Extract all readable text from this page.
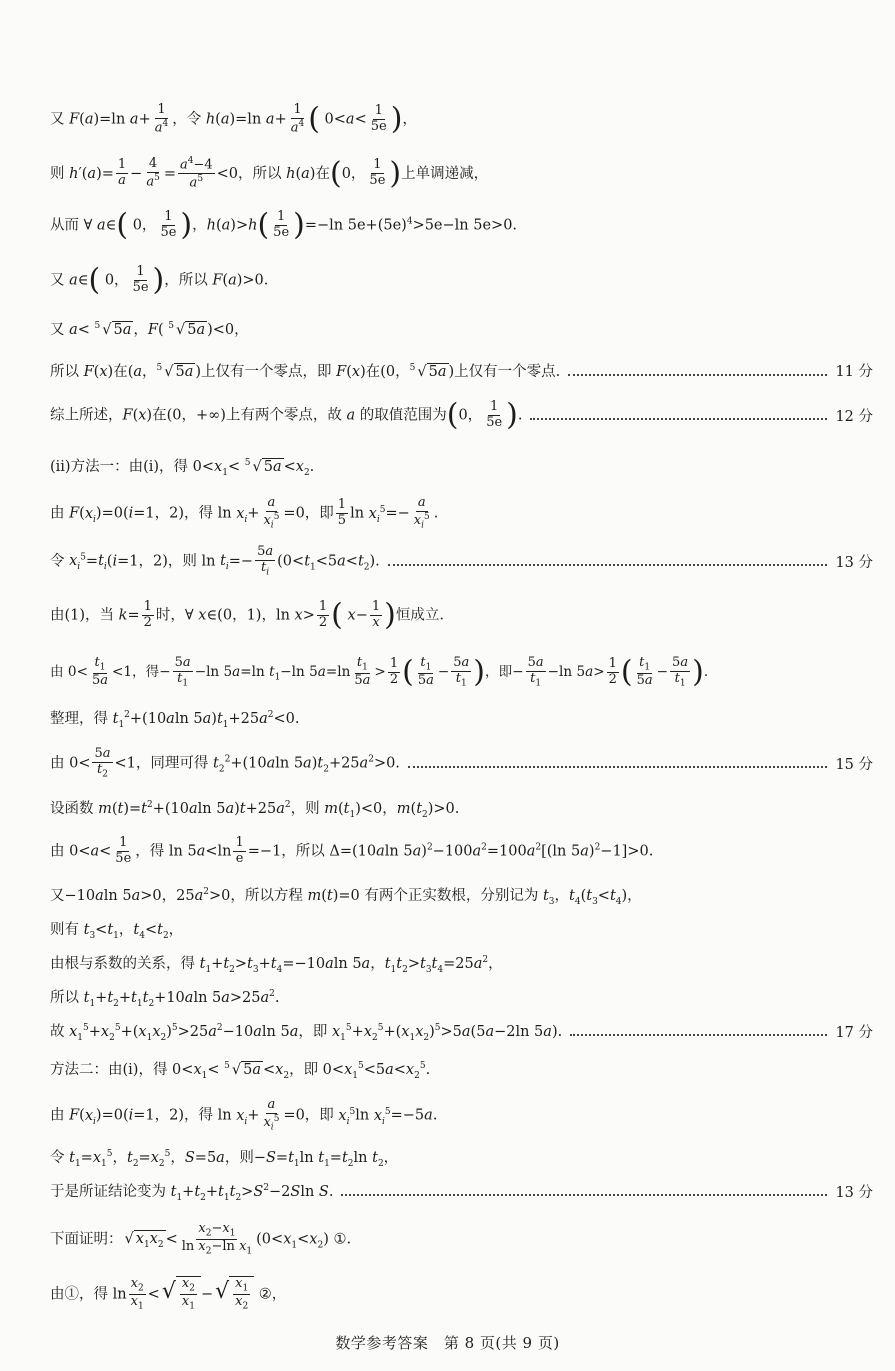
又 F(a)=ln $a+ \frac{1}{a^4}$ ，令 h(a)=ln $a+ \frac{1}{a^4}$ ( $0<a< \frac{1}{5e}$ )，
则 $h'(a)= \frac{1}{a} - \frac{4}{a^5} = \frac{a^4-4}{a^5} <0$，所以 h(a)在(0， $\frac{1}{5e}$ )上单调递减，
从而 ∀ a∈( 0， $\frac{1}{5e}$ )，$h(a)>h( \frac{1}{5e} )=-\ln$ $5e+(5e)^4>5e-\ln$ 5e>0.
又 a∈( 0， $\frac{1}{5e}$ )，所以 F(a)>0.
又 a< $^5$ √ 5a ，F( $^5$ √ 5a )<0，
所以 F(x)在(a，$^5$ √ 5a )上仅有一个零点，即 F(x)在(0，$^5$ √ 5a )上仅有一个零点.	11 分
综上所述，F(x)在(0，+∞)上有两个零点，故 a 的取值范围为(0， $\frac{1}{5e}$ ).	12 分
(ii)方法一：由(i)，得 $0<x_1< ^5$ √ $5a <x_2$.
由 $F(x_i)=0(i=1$，2)，得 $\ln x_i+ \frac{a}{x_i^5} =0$，即 $\frac{1}{5}$ $\ln x_i^5=- \frac{a}{x_i^5}$ .
令 $x_i^5=t_i(i=1$，2)，则 $\ln t_i=- \frac{5a}{t_i} (0<t_1<5a<t_2)$.	13 分
由(1)，当 $k= \frac{1}{2}$ 时，∀ x∈(0，1)，$\ln x> \frac{1}{2}$ ( $x- \frac{1}{x}$ )恒成立.
由 $0< \frac{t_1}{5a} <1$，得− $\frac{5a}{t_1} -\ln$ 5a=ln $t_1-\ln$ $5a=\ln \frac{t_1}{5a} > \frac{1}{2}$ ( $\frac{t_1}{5a} - \frac{5a}{t_1}$ )，即− $\frac{5a}{t_1} -\ln$ $5a> \frac{1}{2}$ ( $\frac{t_1}{5a} - \frac{5a}{t_1}$ ).
整理，得 $t_1^2+(10aln$ $5a)t_1+25a^2<0$.
由 $0< \frac{5a}{t_2} <1$，同理可得 $t_2^2+(10aln$ $5a)t_2+25a^2>0$.	15 分
设函数 $m(t)=t^2+(10aln$ $5a)t+25a^2$，则 $m(t_1)<0$，$m(t_2)>0$.
由 $0<a< \frac{1}{5e}$ ，得 $\ln 5a<\ln \frac{1}{e} =-1$，所以 Δ=(10aln $5a)^2-100a^2=100a^2[(\ln$ 5a)$^2$−1]>0.
又−10aln 5a>0，$25a^2>0$，所以方程 m(t)=0 有两个正实数根，分别记为 $t_3$，$t_4(t_3<t_4)$，
则有 $t_3<t_1$，$t_4<t_2$，
由根与系数的关系，得 $t_1+t_2>t_3+t_4=-10aln$ 5a，$t_1t_2>t_3t_4=25a^2$，
所以 $t_1+t_2+t_1t_2+10aln$ $5a>25a^2$.
故 $x_1^5+x_2^5+(x_1x_2)^5>25a^2-10aln$ 5a，即 $x_1^5+x_2^5+(x_1x_2)^5>5a(5a-2\ln$ 5a).	17 分
方法二：由(i)，得 $0<x_1< ^5$ √ $5a <x_2$，即 $0<x_1^5<5a<x_2^5$.
由 $F(x_i)=0(i=1$，2)，得 $\ln x_i+ \frac{a}{x_i^5} =0$，即 $x_i^5\ln$ $x_i^5=-5a$.
令 $t_1=x_1^5$，$t_2=x_2^5$，S=5a，则$-S=t_1\ln$ $t_1=t_2\ln$ $t_2$，
于是所证结论变为 $t_1+t_2+t_1t_2>S^2-2Sln$ S.	13 分
下面证明： √ $x_1x_2 < \frac{x_2-x_1}{\ln x_2-\ln x_1} (0<x_1<x_2)$ ①.
由①，得 $\ln \frac{x_2}{x_1}$ <√ $\frac{x_2}{x_1}$ −√ $\frac{x_1}{x_2}$ ②，
数学参考答案　第 8 页(共 9 页)
